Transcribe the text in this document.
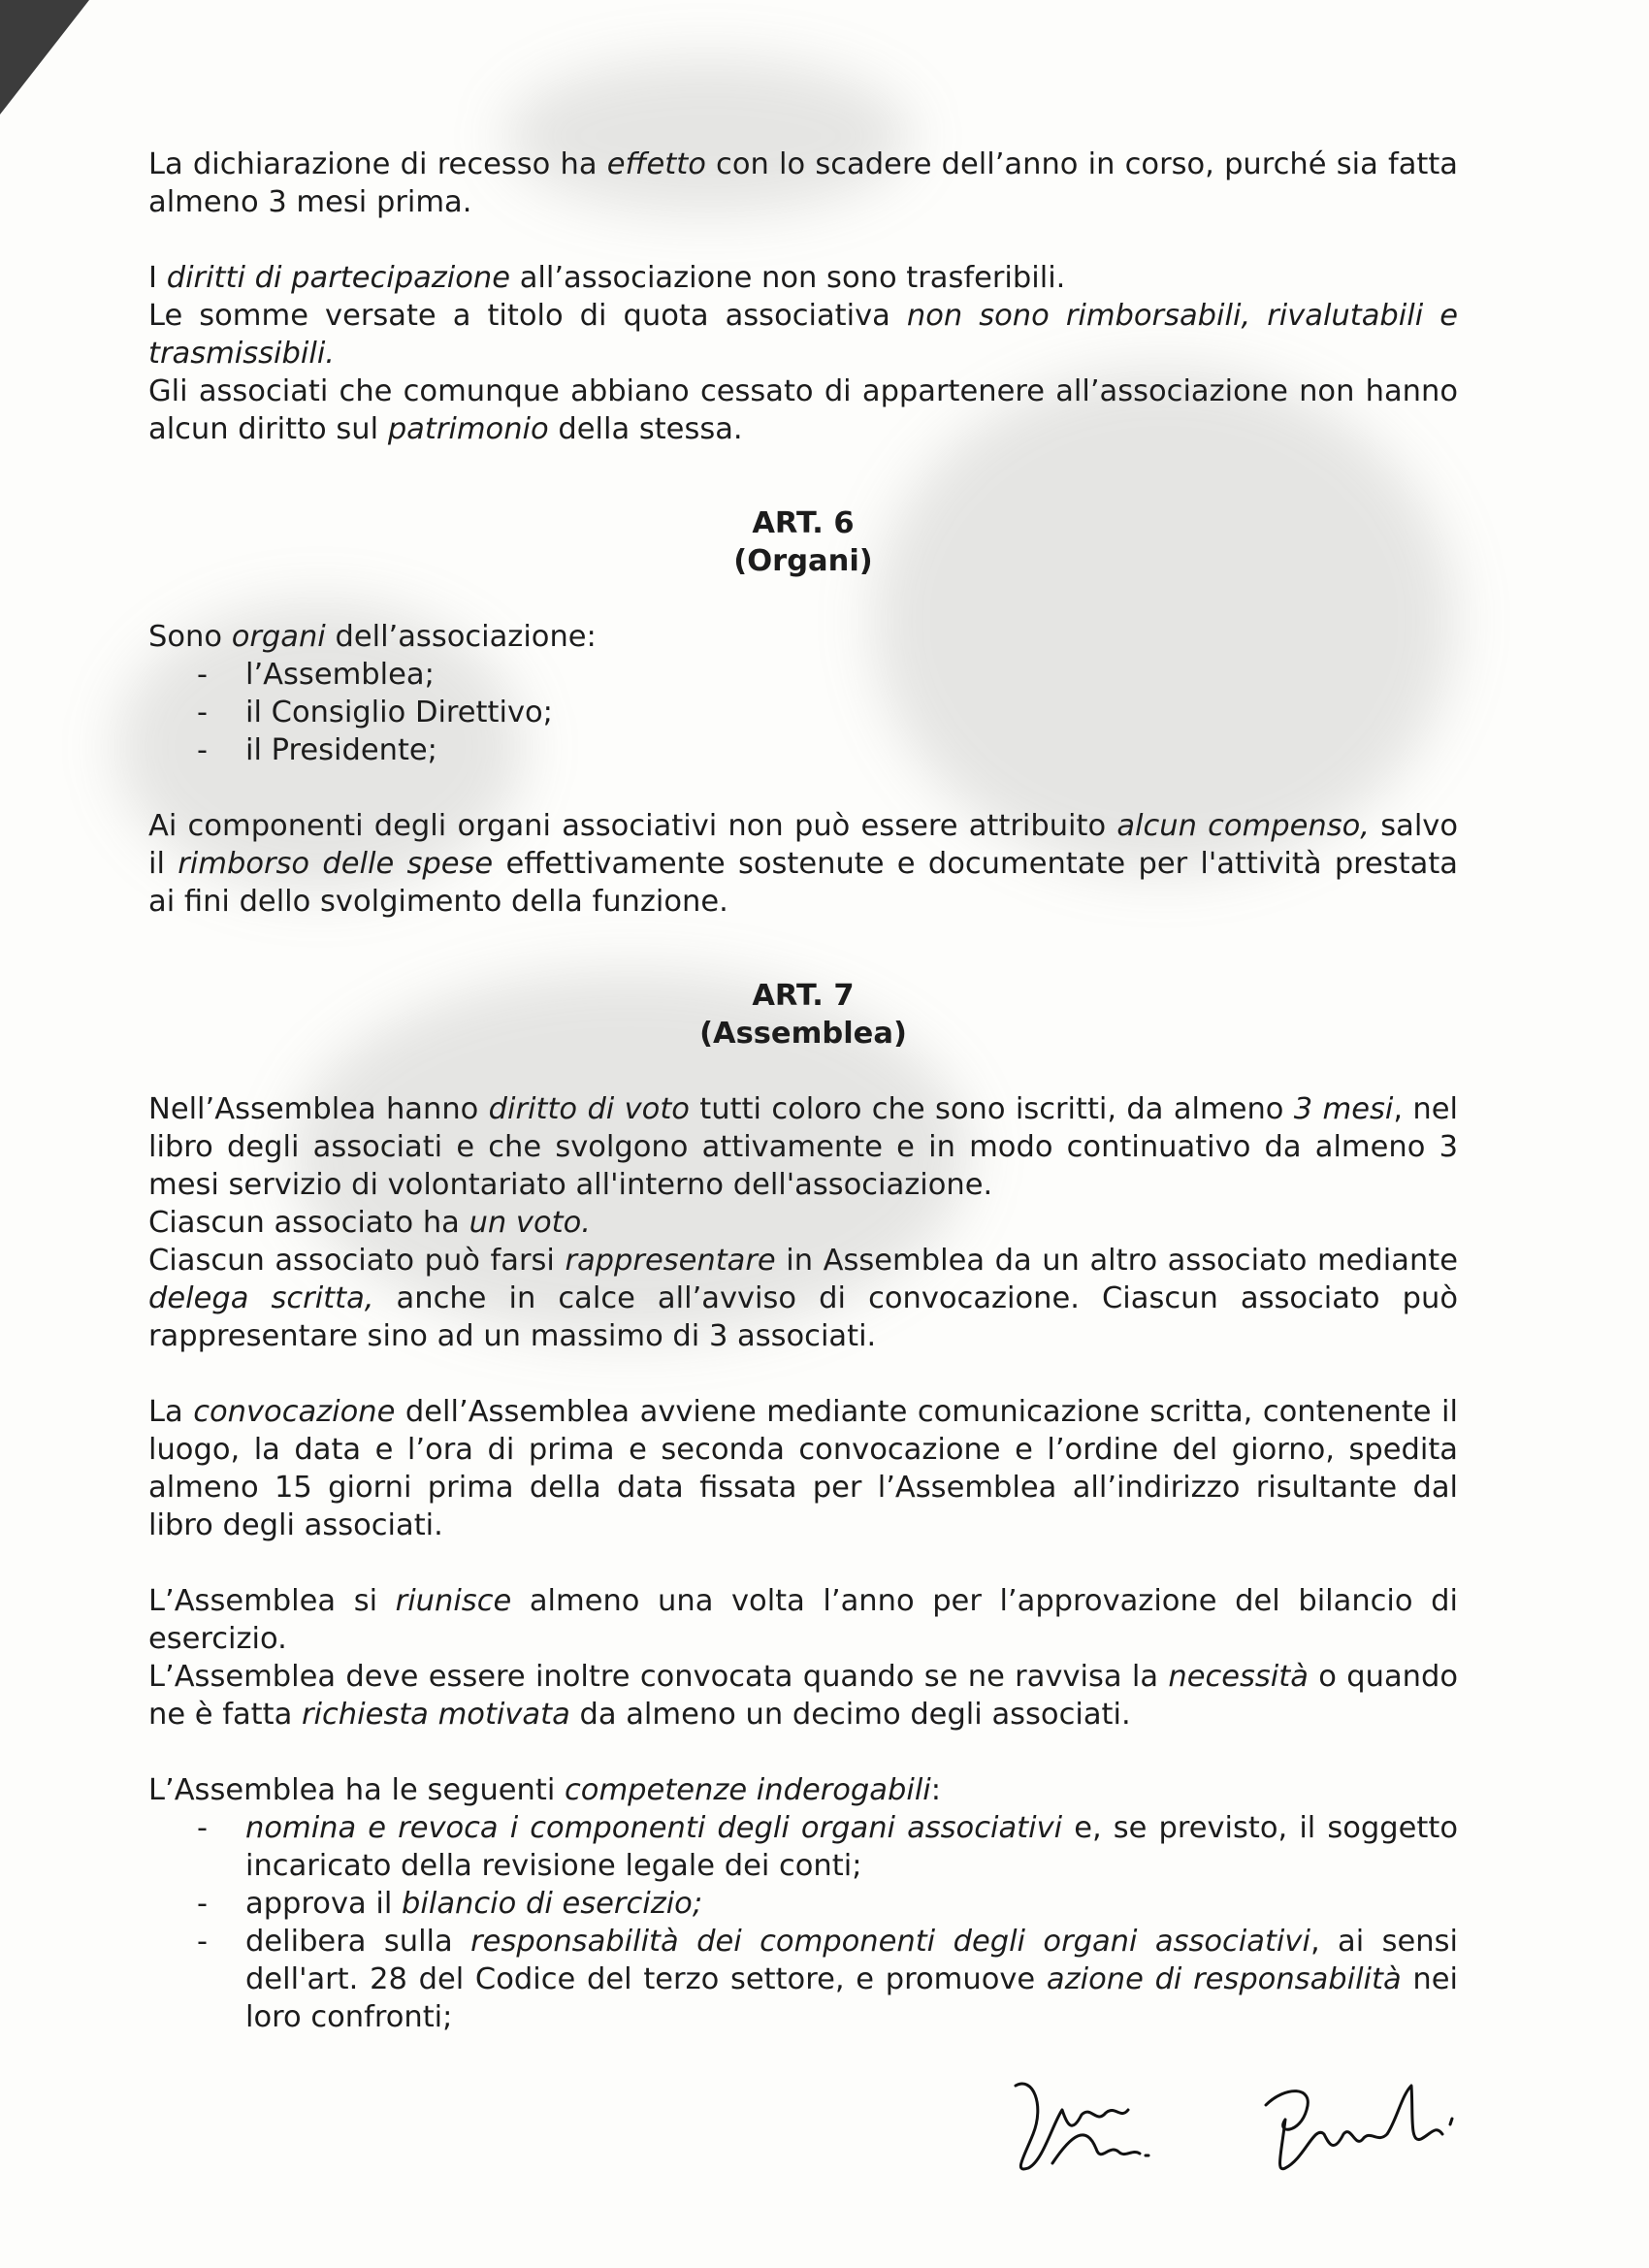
La dichiarazione di recesso ha effetto con lo scadere dell’anno in corso, purché sia fatta almeno 3 mesi prima.

I diritti di partecipazione all’associazione non sono trasferibili.

Le somme versate a titolo di quota associativa non sono rimborsabili, rivalutabili e trasmissibili.

Gli associati che comunque abbiano cessato di appartenere all’associazione non hanno alcun diritto sul patrimonio della stessa.

ART. 6

(Organi)

Sono organi dell’associazione:

- l’Assemblea;
- il Consiglio Direttivo;
- il Presidente;

Ai componenti degli organi associativi non può essere attribuito alcun compenso, salvo il rimborso delle spese effettivamente sostenute e documentate per l'attività prestata ai fini dello svolgimento della funzione.

ART. 7

(Assemblea)

Nell’Assemblea hanno diritto di voto tutti coloro che sono iscritti, da almeno 3 mesi, nel libro degli associati e che svolgono attivamente e in modo continuativo da almeno 3 mesi servizio di volontariato all'interno dell'associazione.

Ciascun associato ha un voto.

Ciascun associato può farsi rappresentare in Assemblea da un altro associato mediante delega scritta, anche in calce all’avviso di convocazione. Ciascun associato può rappresentare sino ad un massimo di 3 associati.

La convocazione dell’Assemblea avviene mediante comunicazione scritta, contenente il luogo, la data e l’ora di prima e seconda convocazione e l’ordine del giorno, spedita almeno 15 giorni prima della data fissata per l’Assemblea all’indirizzo risultante dal libro degli associati.

L’Assemblea si riunisce almeno una volta l’anno per l’approvazione del bilancio di esercizio.

L’Assemblea deve essere inoltre convocata quando se ne ravvisa la necessità o quando ne è fatta richiesta motivata da almeno un decimo degli associati.

L’Assemblea ha le seguenti competenze inderogabili:

- nomina e revoca i componenti degli organi associativi e, se previsto, il soggetto incaricato della revisione legale dei conti;
- approva il bilancio di esercizio;
- delibera sulla responsabilità dei componenti degli organi associativi, ai sensi dell'art. 28 del Codice del terzo settore, e promuove azione di responsabilità nei loro confronti;
